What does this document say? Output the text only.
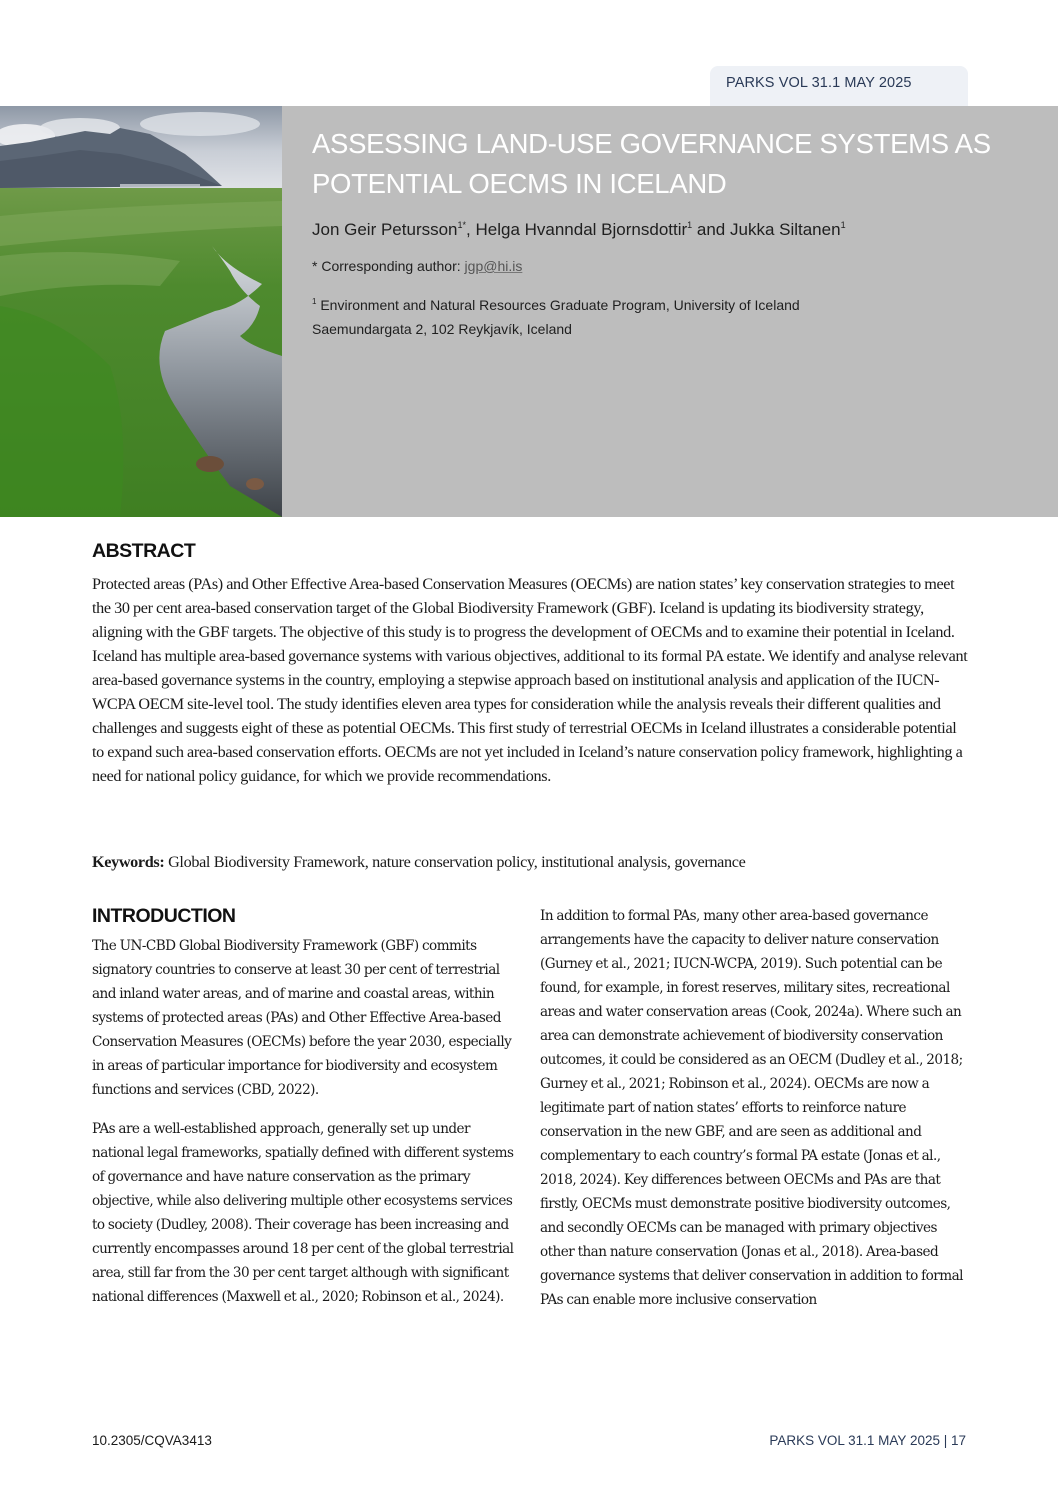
PARKS VOL 31.1 MAY 2025
ASSESSING LAND-USE GOVERNANCE SYSTEMS AS
POTENTIAL OECMS IN ICELAND
Jon Geir Petursson$^{1*}$, Helga Hvanndal Bjornsdottir$^1$ and Jukka Siltanen$^1$
* Corresponding author: jgp@hi.is
$^1$ Environment and Natural Resources Graduate Program, University of Iceland
Saemundargata 2, 102 Reykjavík, Iceland
ABSTRACT

Protected areas (PAs) and Other Effective Area-based Conservation Measures (OECMs) are nation states’ key conservation strategies to meet the 30 per cent area-based conservation target of the Global Biodiversity Framework (GBF). Iceland is updating its biodiversity strategy, aligning with the GBF targets. The objective of this study is to progress the development of OECMs and to examine their potential in Iceland. Iceland has multiple area-based governance systems with various objectives, additional to its formal PA estate. We identify and analyse relevant area-based governance systems in the country, employing a stepwise approach based on institutional analysis and application of the IUCN-WCPA OECM site-level tool. The study identifies eleven area types for consideration while the analysis reveals their different qualities and challenges and suggests eight of these as potential OECMs. This first study of terrestrial OECMs in Iceland illustrates a considerable potential to expand such area-based conservation efforts. OECMs are not yet included in Iceland’s nature conservation policy framework, highlighting a need for national policy guidance, for which we provide recommendations.

Keywords: Global Biodiversity Framework, nature conservation policy, institutional analysis, governance

INTRODUCTION

The UN-CBD Global Biodiversity Framework (GBF) commits signatory countries to conserve at least 30 per cent of terrestrial and inland water areas, and of marine and coastal areas, within systems of protected areas (PAs) and Other Effective Area-based Conservation Measures (OECMs) before the year 2030, especially in areas of particular importance for biodiversity and ecosystem functions and services (CBD, 2022).

PAs are a well-established approach, generally set up under national legal frameworks, spatially defined with different systems of governance and have nature conservation as the primary objective, while also delivering multiple other ecosystems services to society (Dudley, 2008). Their coverage has been increasing and currently encompasses around 18 per cent of the global terrestrial area, still far from the 30 per cent target although with significant national differences (Maxwell et al., 2020; Robinson et al., 2024).

In addition to formal PAs, many other area-based governance arrangements have the capacity to deliver nature conservation (Gurney et al., 2021; IUCN-WCPA, 2019). Such potential can be found, for example, in forest reserves, military sites, recreational areas and water conservation areas (Cook, 2024a). Where such an area can demonstrate achievement of biodiversity conservation outcomes, it could be considered as an OECM (Dudley et al., 2018; Gurney et al., 2021; Robinson et al., 2024). OECMs are now a legitimate part of nation states’ efforts to reinforce nature conservation in the new GBF, and are seen as additional and complementary to each country’s formal PA estate (Jonas et al., 2018, 2024). Key differences between OECMs and PAs are that firstly, OECMs must demonstrate positive biodiversity outcomes, and secondly OECMs can be managed with primary objectives other than nature conservation (Jonas et al., 2018). Area-based governance systems that deliver conservation in addition to formal PAs can enable more inclusive conservation

10.2305/CQVA3413	PARKS VOL 31.1 MAY 2025 | 17
